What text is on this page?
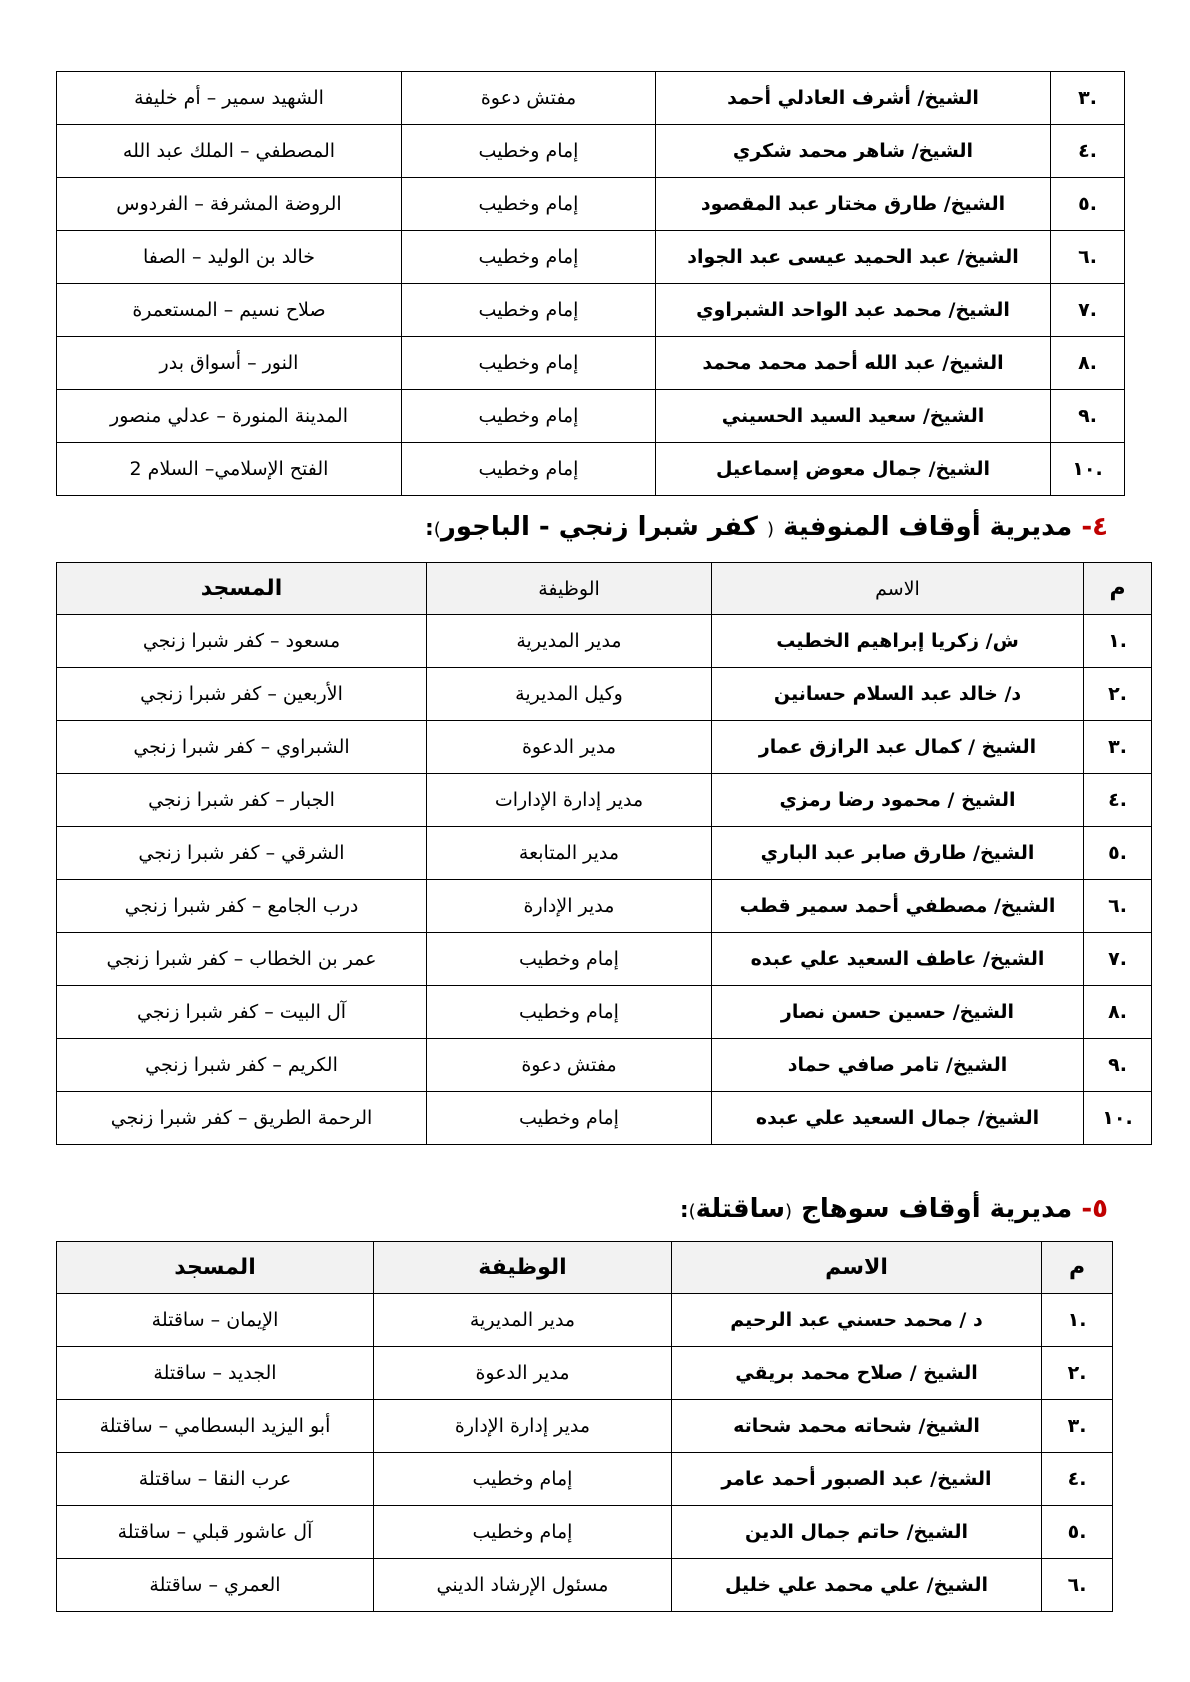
.٣	الشيخ/ أشرف العادلي أحمد	مفتش دعوة	الشهيد سمير – أم خليفة
.٤	الشيخ/ شاهر محمد شكري	إمام وخطيب	المصطفي – الملك عبد الله
.٥	الشيخ/ طارق مختار عبد المقصود	إمام وخطيب	الروضة المشرفة – الفردوس
.٦	الشيخ/ عبد الحميد عيسى عبد الجواد	إمام وخطيب	خالد بن الوليد – الصفا
.٧	الشيخ/ محمد عبد الواحد الشبراوي	إمام وخطيب	صلاح نسيم – المستعمرة
.٨	الشيخ/ عبد الله أحمد محمد محمد	إمام وخطيب	النور – أسواق بدر
.٩	الشيخ/ سعيد السيد الحسيني	إمام وخطيب	المدينة المنورة – عدلي منصور
.١٠	الشيخ/ جمال معوض إسماعيل	إمام وخطيب	الفتح الإسلامي– السلام 2
٤- مديرية أوقاف المنوفية ( كفر شبرا زنجي - الباجور):
م	الاسم	الوظيفة	المسجد
.١	ش/ زكريا إبراهيم الخطيب	مدير المديرية	مسعود – كفر شبرا زنجي
.٢	د/ خالد عبد السلام حسانين	وكيل المديرية	الأربعين – كفر شبرا زنجي
.٣	الشيخ / كمال عبد الرازق عمار	مدير الدعوة	الشبراوي – كفر شبرا زنجي
.٤	الشيخ / محمود رضا رمزي	مدير إدارة الإدارات	الجبار – كفر شبرا زنجي
.٥	الشيخ/ طارق صابر عبد الباري	مدير المتابعة	الشرقي – كفر شبرا زنجي
.٦	الشيخ/ مصطفي أحمد سمير قطب	مدير الإدارة	درب الجامع – كفر شبرا زنجي
.٧	الشيخ/ عاطف السعيد علي عبده	إمام وخطيب	عمر بن الخطاب – كفر شبرا زنجي
.٨	الشيخ/ حسين حسن نصار	إمام وخطيب	آل البيت – كفر شبرا زنجي
.٩	الشيخ/ تامر صافي حماد	مفتش دعوة	الكريم – كفر شبرا زنجي
.١٠	الشيخ/ جمال السعيد علي عبده	إمام وخطيب	الرحمة الطريق – كفر شبرا زنجي
٥- مديرية أوقاف سوهاج (ساقتلة):
م	الاسم	الوظيفة	المسجد
.١	د / محمد حسني عبد الرحيم	مدير المديرية	الإيمان – ساقتلة
.٢	الشيخ / صلاح محمد بريقي	مدير الدعوة	الجديد – ساقتلة
.٣	الشيخ/ شحاته محمد شحاته	مدير إدارة الإدارة	أبو اليزيد البسطامي – ساقتلة
.٤	الشيخ/ عبد الصبور أحمد عامر	إمام وخطيب	عرب النقا – ساقتلة
.٥	الشيخ/ حاتم جمال الدين	إمام وخطيب	آل عاشور قبلي – ساقتلة
.٦	الشيخ/ علي محمد علي خليل	مسئول الإرشاد الديني	العمري – ساقتلة
